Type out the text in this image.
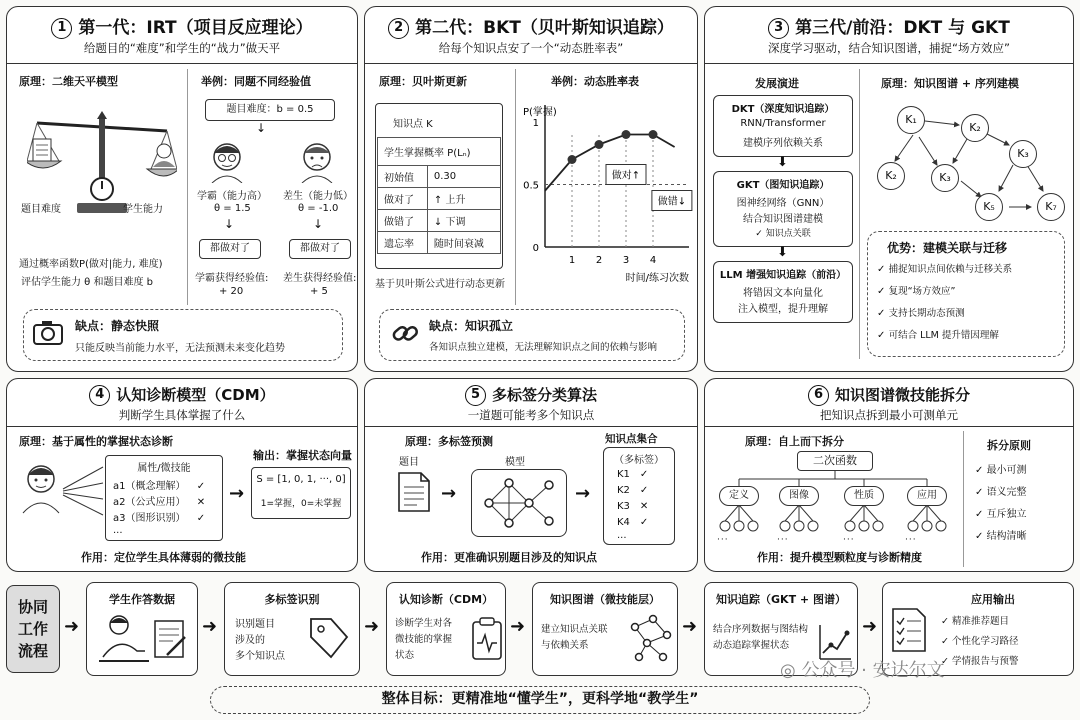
1 第一代：IRT（项目反应理论）
给题目的“难度”和学生的“战力”做天平
原理：二维天平模型
题目难度	学生能力
通过概率函数P(做对|能力, 难度)
评估学生能力 θ 和题目难度 b
举例：同题不同经验值
题目难度：b = 0.5
↓
学霸（能力高）
θ = 1.5
差生（能力低）
θ = -1.0
↓	↓
都做对了	都做对了
学霸获得经验值:
+ 20
差生获得经验值:
+ 5
缺点：静态快照
只能反映当前能力水平，无法预测未来变化趋势
2 第二代：BKT（贝叶斯知识追踪）
给每个知识点安了一个“动态胜率表”
原理：贝叶斯更新
知识点 K
学生掌握概率 P(Lₙ)	
初始值	0.30
做对了	↑ 上升
做错了	↓ 下调
遗忘率	随时间衰减
基于贝叶斯公式进行动态更新
举例：动态胜率表
P(掌握)
0
0.5
1
1 2 3 4
时间/练习次数
做对↑
做错↓
缺点：知识孤立
各知识点独立建模，无法理解知识点之间的依赖与影响
3 第三代/前沿：DKT 与 GKT
深度学习驱动，结合知识图谱，捕捉“场方效应”
发展演进
DKT（深度知识追踪）
RNN/Transformer
建模序列依赖关系
⬇
GKT（图知识追踪）
图神经网络（GNN）
结合知识图谱建模
✓ 知识点关联
⬇
LLM 增强知识追踪（前沿）
将错因文本向量化
注入模型，提升理解
原理：知识图谱 + 序列建模
K₁
K₂
K₃
K₂	K₃
K₅	K₇
优势：建模关联与迁移
✓ 捕捉知识点间依赖与迁移关系
✓ 复现“场方效应”
✓ 支持长期动态预测
✓ 可结合 LLM 提升错因理解
4 认知诊断模型（CDM）
判断学生具体掌握了什么
原理：基于属性的掌握状态诊断
属性/微技能
a1（概念理解） ✓
a2（公式应用） ✕
a3（图形识别） ✓
...
→
输出：掌握状态向量
S = [1, 0, 1, ···, 0]
1=掌握，0=未掌握
作用：定位学生具体薄弱的微技能
5 多标签分类算法
一道题可能考多个知识点
原理：多标签预测
题目
→
模型
→
知识点集合
（多标签）
K1 ✓
K2 ✓
K3 ✕
K4 ✓
...
作用：更准确识别题目涉及的知识点
6 知识图谱微技能拆分
把知识点拆到最小可测单元
原理：自上而下拆分
二次函数
定义	图像	性质	应用
···	···	···	···
拆分原则
✓ 最小可测
✓ 语义完整
✓ 互斥独立
✓ 结构清晰
作用：提升模型颗粒度与诊断精度
协同
工作
流程
➜
学生作答数据
➜
多标签识别
识别题目
涉及的
多个知识点
➜
认知诊断（CDM）
诊断学生对各
微技能的掌握
状态
➜
知识图谱（微技能层）
建立知识点关联
与依赖关系
➜
知识追踪（GKT + 图谱）
结合序列数据与图结构
动态追踪掌握状态
➜
应用输出
✓ 精准推荐题目
✓ 个性化学习路径
✓ 学情报告与预警
◎ 公众号 · 安达尔文
整体目标：更精准地“懂学生”，更科学地“教学生”
